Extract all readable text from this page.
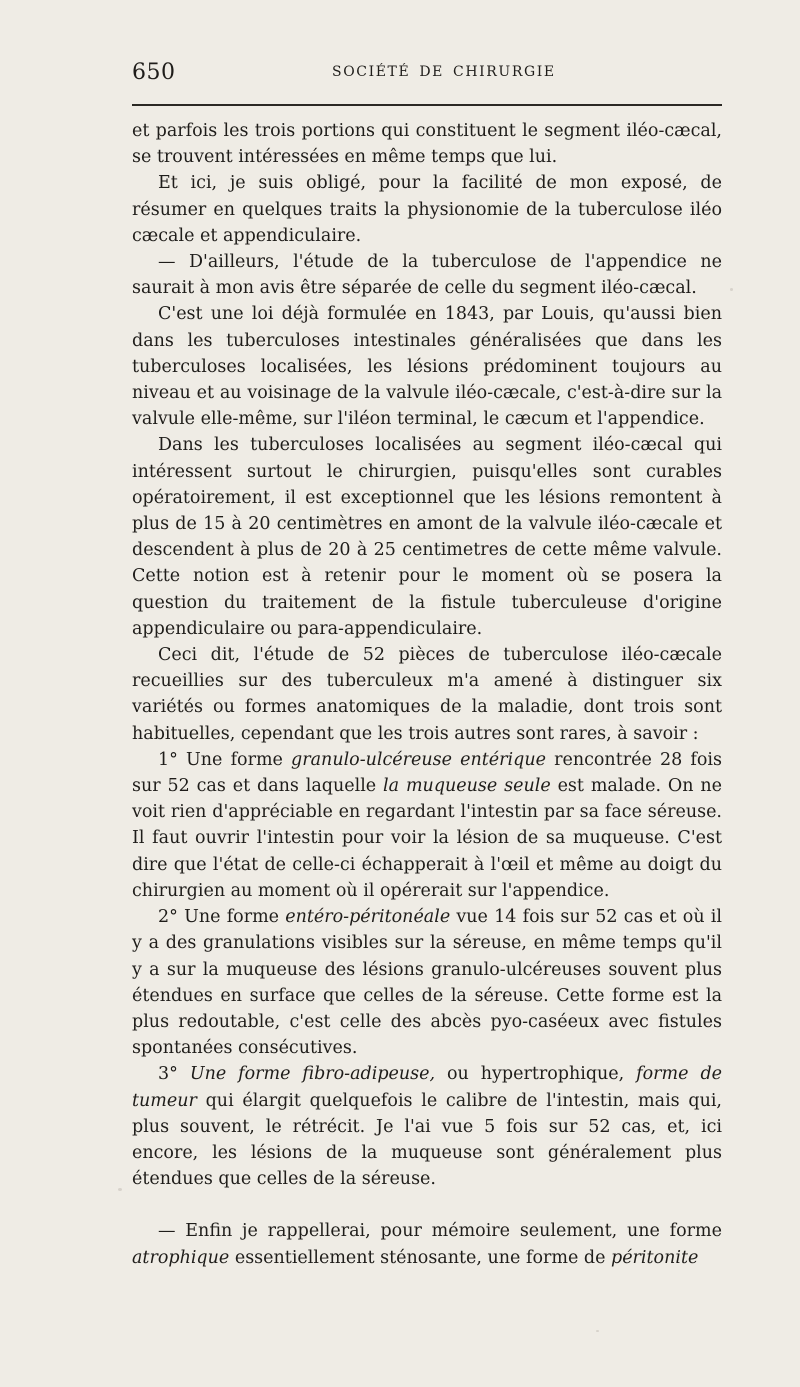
650	SOCIÉTÉ DE CHIRURGIE

et parfois les trois portions qui constituent le segment iléo-cæcal, se trouvent intéressées en même temps que lui.

Et ici, je suis obligé, pour la facilité de mon exposé, de résumer en quelques traits la physionomie de la tuberculose iléo cæcale et appendiculaire.

— D'ailleurs, l'étude de la tuberculose de l'appendice ne saurait à mon avis être séparée de celle du segment iléo-cæcal.

C'est une loi déjà formulée en 1843, par Louis, qu'aussi bien dans les tuberculoses intestinales généralisées que dans les tuberculoses localisées, les lésions prédominent toujours au niveau et au voisinage de la valvule iléo-cæcale, c'est-à-dire sur la valvule elle-même, sur l'iléon terminal, le cæcum et l'appendice.

Dans les tuberculoses localisées au segment iléo-cæcal qui intéressent surtout le chirurgien, puisqu'elles sont curables opératoirement, il est exceptionnel que les lésions remontent à plus de 15 à 20 centimètres en amont de la valvule iléo-cæcale et descendent à plus de 20 à 25 centimetres de cette même valvule. Cette notion est à retenir pour le moment où se posera la question du traitement de la fistule tuberculeuse d'origine appendiculaire ou para-appendiculaire.

Ceci dit, l'étude de 52 pièces de tuberculose iléo-cæcale recueillies sur des tuberculeux m'a amené à distinguer six variétés ou formes anatomiques de la maladie, dont trois sont habituelles, cependant que les trois autres sont rares, à savoir :

1° Une forme granulo-ulcéreuse entérique rencontrée 28 fois sur 52 cas et dans laquelle la muqueuse seule est malade. On ne voit rien d'appréciable en regardant l'intestin par sa face séreuse. Il faut ouvrir l'intestin pour voir la lésion de sa muqueuse. C'est dire que l'état de celle-ci échapperait à l'œil et même au doigt du chirurgien au moment où il opérerait sur l'appendice.

2° Une forme entéro-péritonéale vue 14 fois sur 52 cas et où il y a des granulations visibles sur la séreuse, en même temps qu'il y a sur la muqueuse des lésions granulo-ulcéreuses souvent plus étendues en surface que celles de la séreuse. Cette forme est la plus redoutable, c'est celle des abcès pyo-caséeux avec fistules spontanées consécutives.

3° Une forme fibro-adipeuse, ou hypertrophique, forme de tumeur qui élargit quelquefois le calibre de l'intestin, mais qui, plus souvent, le rétrécit. Je l'ai vue 5 fois sur 52 cas, et, ici encore, les lésions de la muqueuse sont généralement plus étendues que celles de la séreuse.

— Enfin je rappellerai, pour mémoire seulement, une forme atrophique essentiellement sténosante, une forme de péritonite
